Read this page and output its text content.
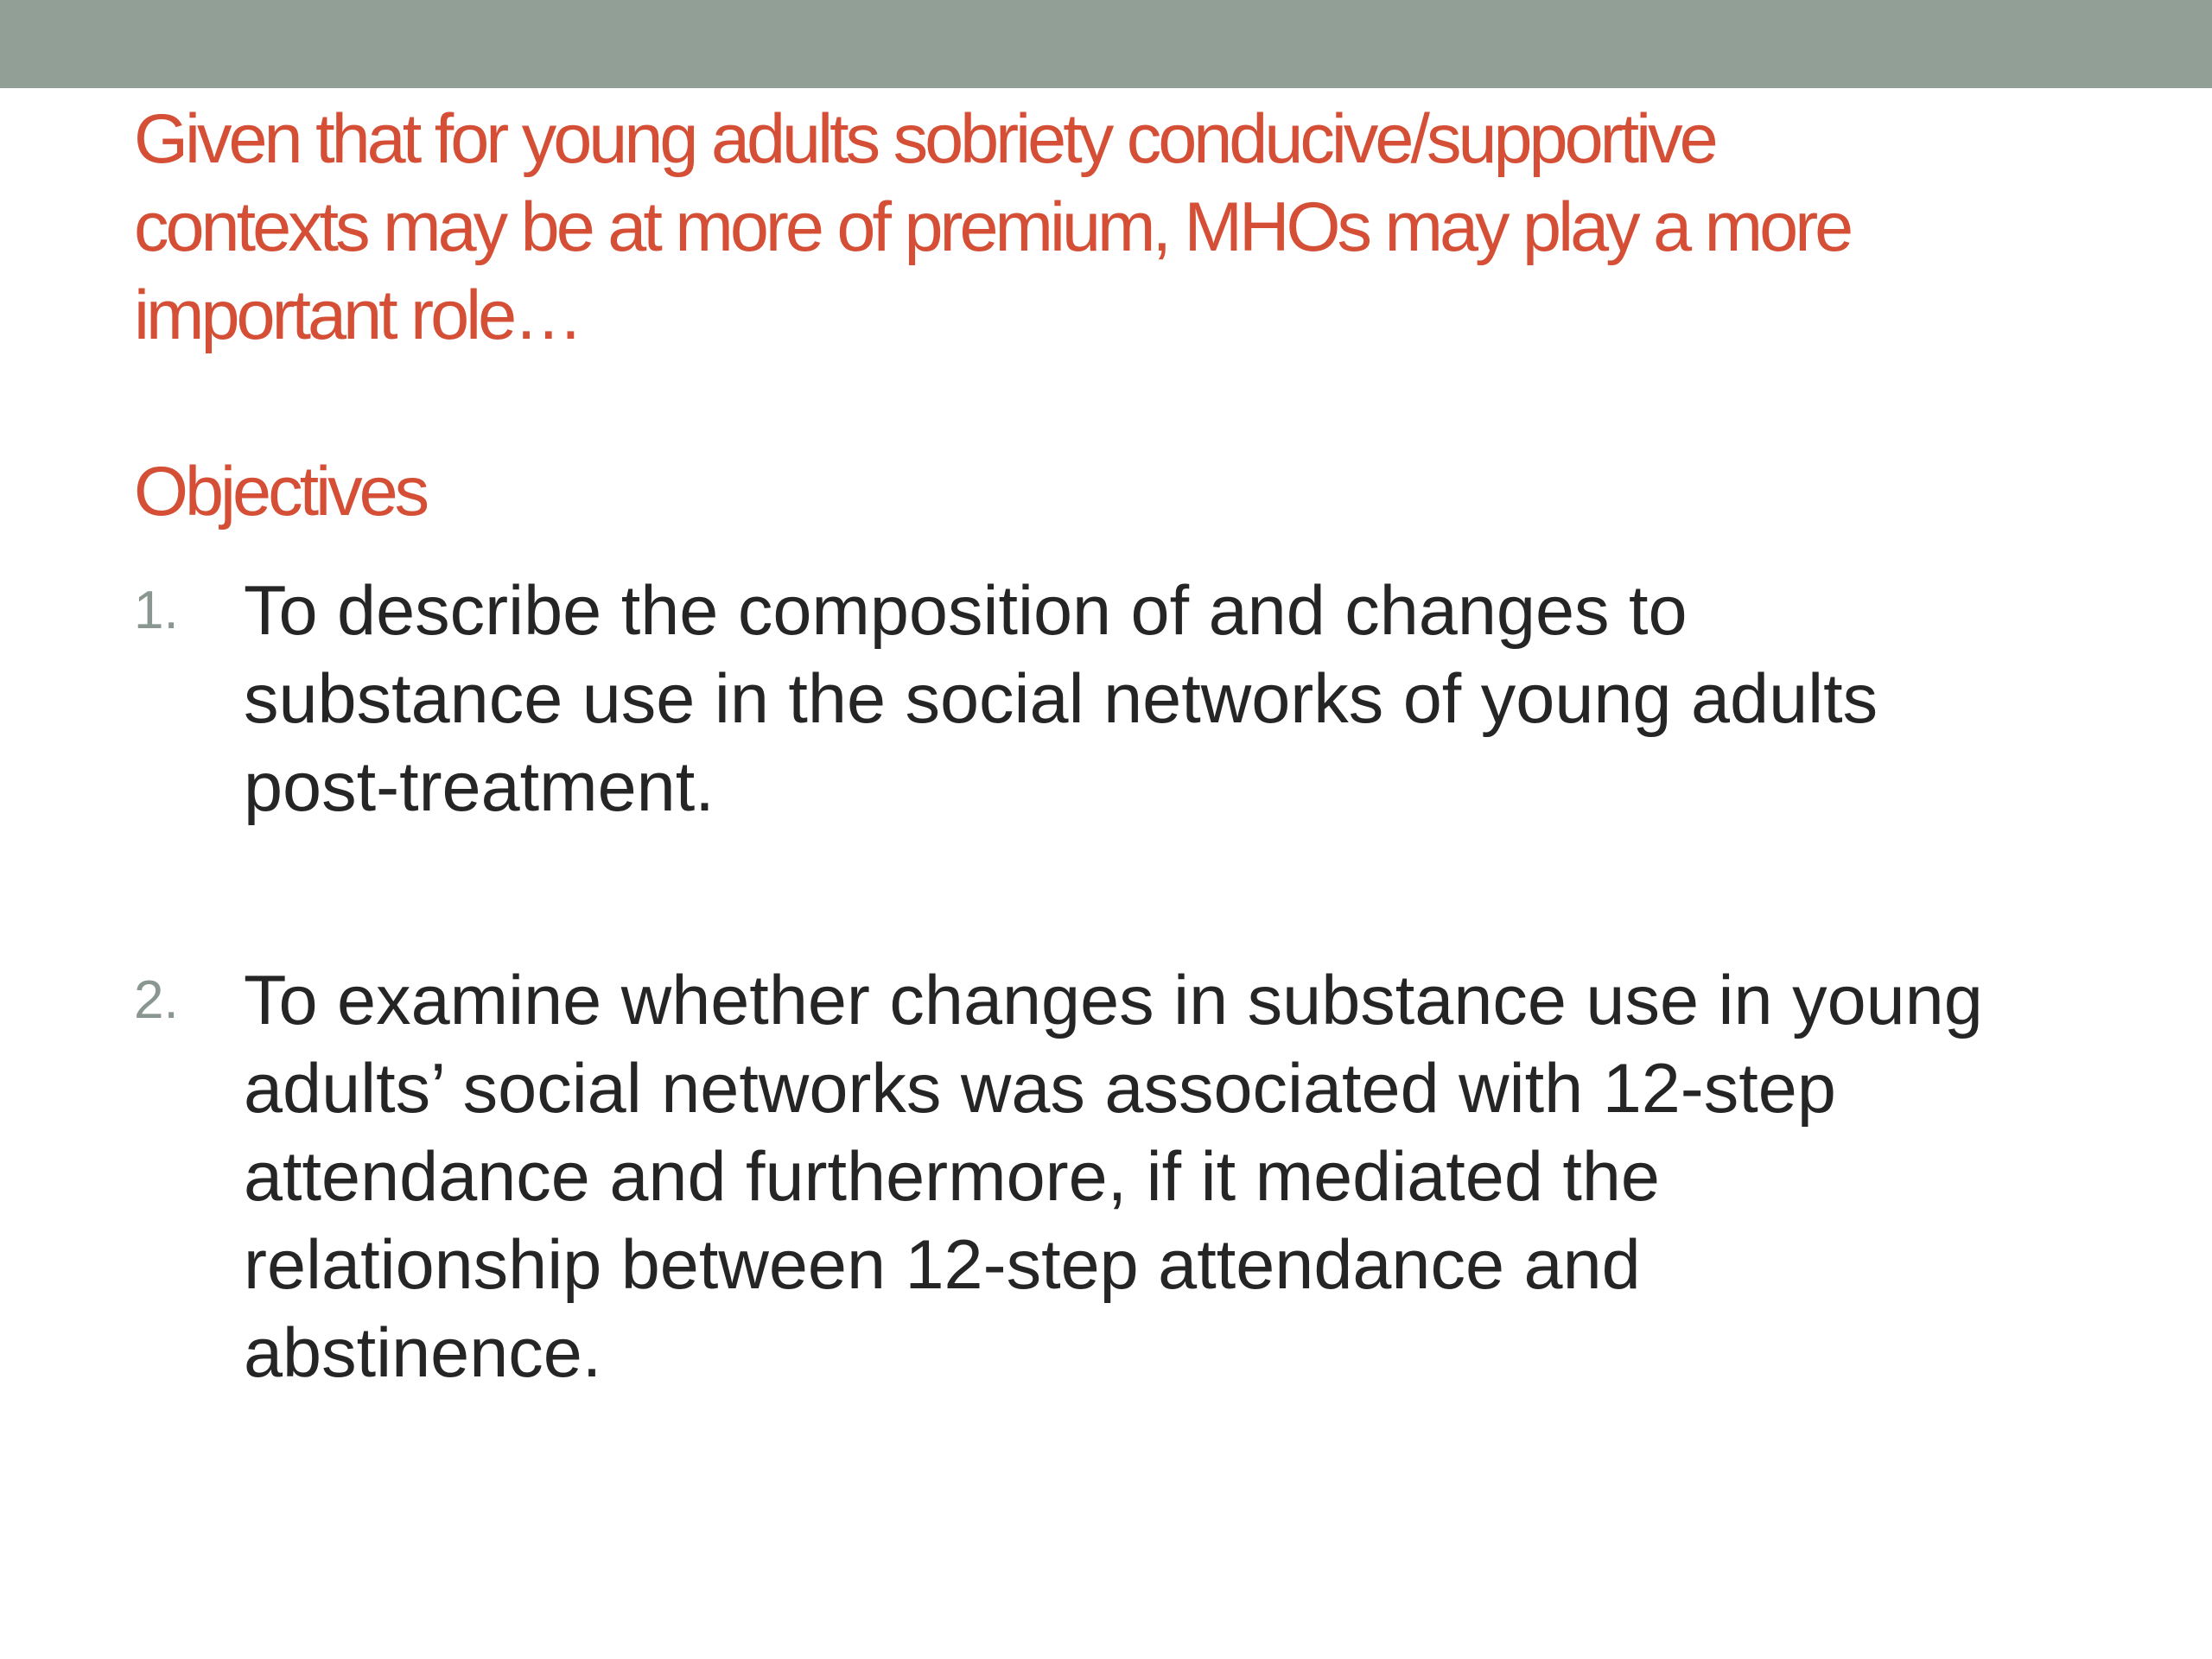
Given that for young adults sobriety conducive/supportive
contexts may be at more of premium, MHOs may play a more
important role…
Objectives
1. To describe the composition of and changes to
substance use in the social networks of young adults
post-treatment.
2. To examine whether changes in substance use in young
adults’ social networks was associated with 12-step
attendance and furthermore, if it mediated the
relationship between 12-step attendance and
abstinence.
